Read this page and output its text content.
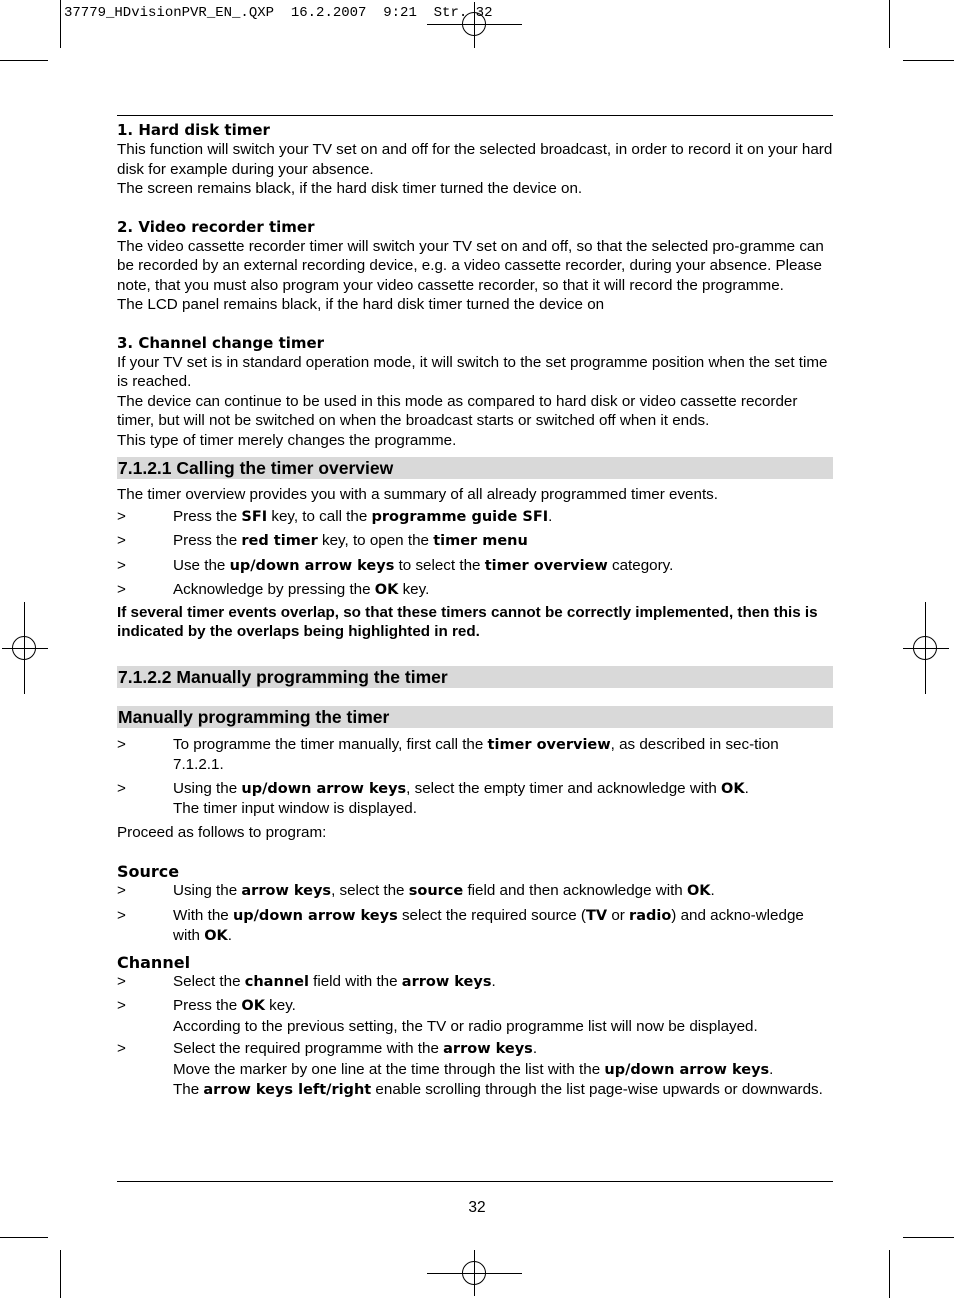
37779_HDvisionPVR_EN_.QXP  16.2.2007  9:21  Str. 32
1. Hard disk timer

This function will switch your TV set on and off for the selected broadcast, in order to record it on your hard disk for example during your absence.

The screen remains black, if the hard disk timer turned the device on.

2. Video recorder timer

The video cassette recorder timer will switch your TV set on and off, so that the selected pro-gramme can be recorded by an external recording device, e.g. a video cassette recorder, during your absence. Please note, that you must also program your video cassette recorder, so that it will record the programme.

The LCD panel remains black, if the hard disk timer turned the device on

3. Channel change timer

If your TV set is in standard operation mode, it will switch to the set programme position when the set time is reached.

The device can continue to be used in this mode as compared to hard disk or video cassette recorder timer, but will not be switched on when the broadcast starts or switched off when it ends.

This type of timer merely changes the programme.

7.1.2.1 Calling the timer overview

The timer overview provides you with a summary of all already programmed timer events.

>	Press the SFI key, to call the programme guide SFI.
>	Press the red timer key, to open the timer menu
>	Use the up/down arrow keys to select the timer overview category.
>	Acknowledge by pressing the OK key.

If several timer events overlap, so that these timers cannot be correctly implemented, then this is indicated by the overlaps being highlighted in red.

7.1.2.2 Manually programming the timer
Manually programming the timer
>	To programme the timer manually, first call the timer overview, as described in sec-tion 7.1.2.1.
>	Using the up/down arrow keys, select the empty timer and acknowledge with OK.
The timer input window is displayed.

Proceed as follows to program:

Source
>	Using the arrow keys, select the source field and then acknowledge with OK.
>	With the up/down arrow keys select the required source (TV or radio) and ackno-wledge with OK.
Channel
>	Select the channel field with the arrow keys.
>	Press the OK key.
According to the previous setting, the TV or radio programme list will now be displayed.
>	Select the required programme with the arrow keys.
Move the marker by one line at the time through the list with the up/down arrow keys.
The arrow keys left/right enable scrolling through the list page-wise upwards or downwards.
32
